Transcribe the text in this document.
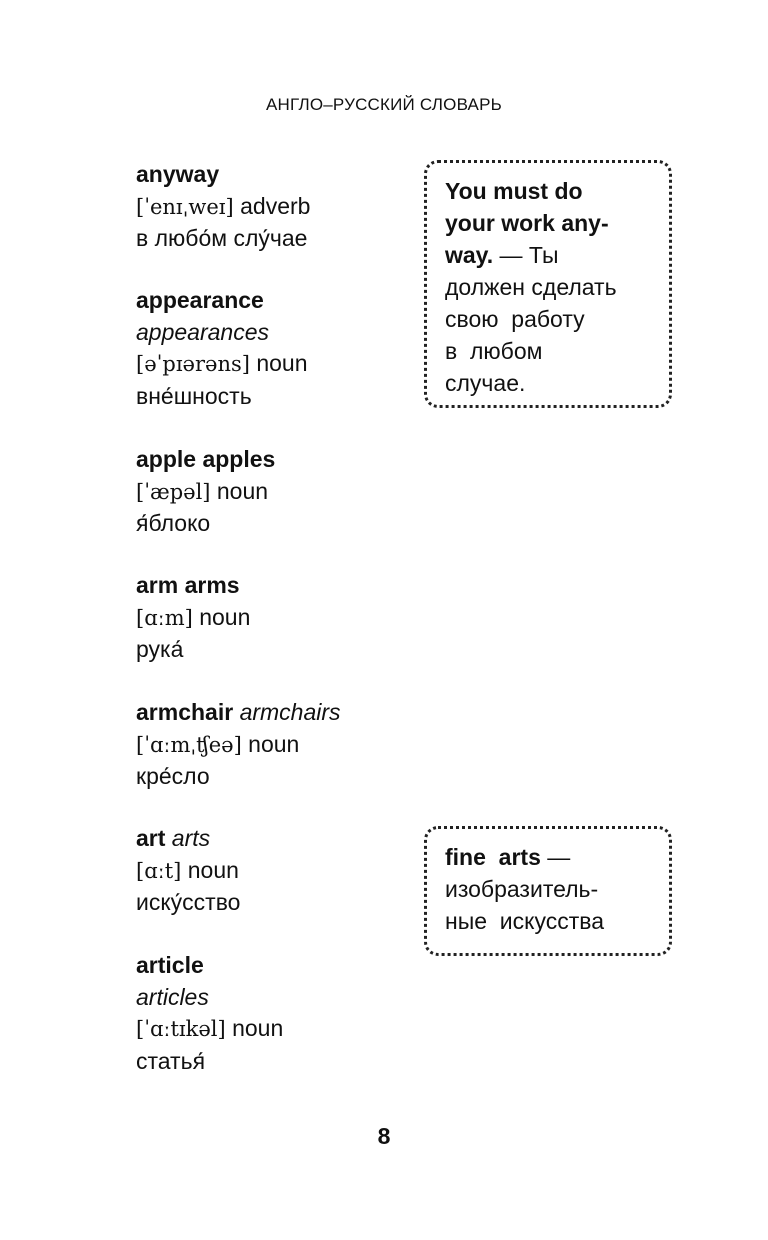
АНГЛО–РУССКИЙ СЛОВАРЬ
anyway
[ˈenɪˌweɪ] adverb
в любо́м слу́чае
appearance
appearances
[əˈpɪərəns] noun
вне́шность
apple apples
[ˈæpəl] noun
я́блоко
arm arms
[ɑːm] noun
рука́
armchair armchairs
[ˈɑːmˌʧeə] noun
кре́сло
art arts
[ɑːt] noun
иску́сство
article
articles
[ˈɑːtɪkəl] noun
статья́
You must do
your work any-
way. — Ты
должен сделать
свою  работу
в  любом
случае.
fine  arts —
изобразитель-
ные  искусства
8
